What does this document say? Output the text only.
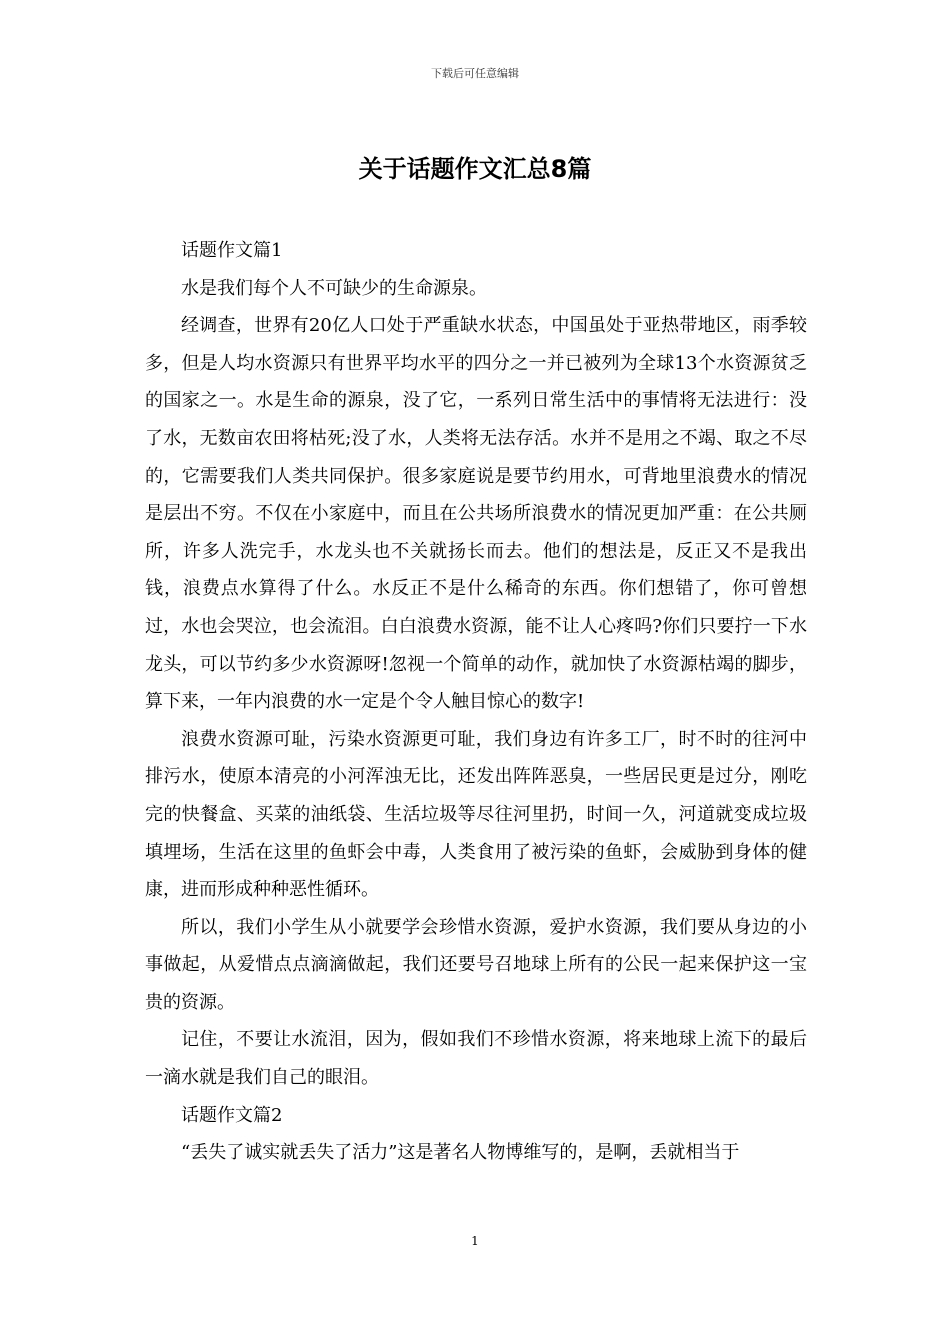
下载后可任意编辑
关于话题作文汇总8篇

话题作文篇1

水是我们每个人不可缺少的生命源泉。

经调查，世界有20亿人口处于严重缺水状态，中国虽处于亚热带地区，雨季较多，但是人均水资源只有世界平均水平的四分之一并已被列为全球13个水资源贫乏的国家之一。水是生命的源泉，没了它，一系列日常生活中的事情将无法进行：没了水，无数亩农田将枯死;没了水，人类将无法存活。水并不是用之不竭、取之不尽的，它需要我们人类共同保护。很多家庭说是要节约用水，可背地里浪费水的情况是层出不穷。不仅在小家庭中，而且在公共场所浪费水的情况更加严重：在公共厕所，许多人洗完手，水龙头也不关就扬长而去。他们的想法是，反正又不是我出钱，浪费点水算得了什么。水反正不是什么稀奇的东西。你们想错了，你可曾想过，水也会哭泣，也会流泪。白白浪费水资源，能不让人心疼吗?你们只要拧一下水龙头，可以节约多少水资源呀!忽视一个简单的动作，就加快了水资源枯竭的脚步，算下来，一年内浪费的水一定是个令人触目惊心的数字!

浪费水资源可耻，污染水资源更可耻，我们身边有许多工厂，时不时的往河中排污水，使原本清亮的小河浑浊无比，还发出阵阵恶臭，一些居民更是过分，刚吃完的快餐盒、买菜的油纸袋、生活垃圾等尽往河里扔，时间一久，河道就变成垃圾填埋场，生活在这里的鱼虾会中毒，人类食用了被污染的鱼虾，会威胁到身体的健康，进而形成种种恶性循环。

所以，我们小学生从小就要学会珍惜水资源，爱护水资源，我们要从身边的小事做起，从爱惜点点滴滴做起，我们还要号召地球上所有的公民一起来保护这一宝贵的资源。

记住，不要让水流泪，因为，假如我们不珍惜水资源，将来地球上流下的最后一滴水就是我们自己的眼泪。

话题作文篇2

“丢失了诚实就丢失了活力”这是著名人物博维写的，是啊，丢就相当于

1
